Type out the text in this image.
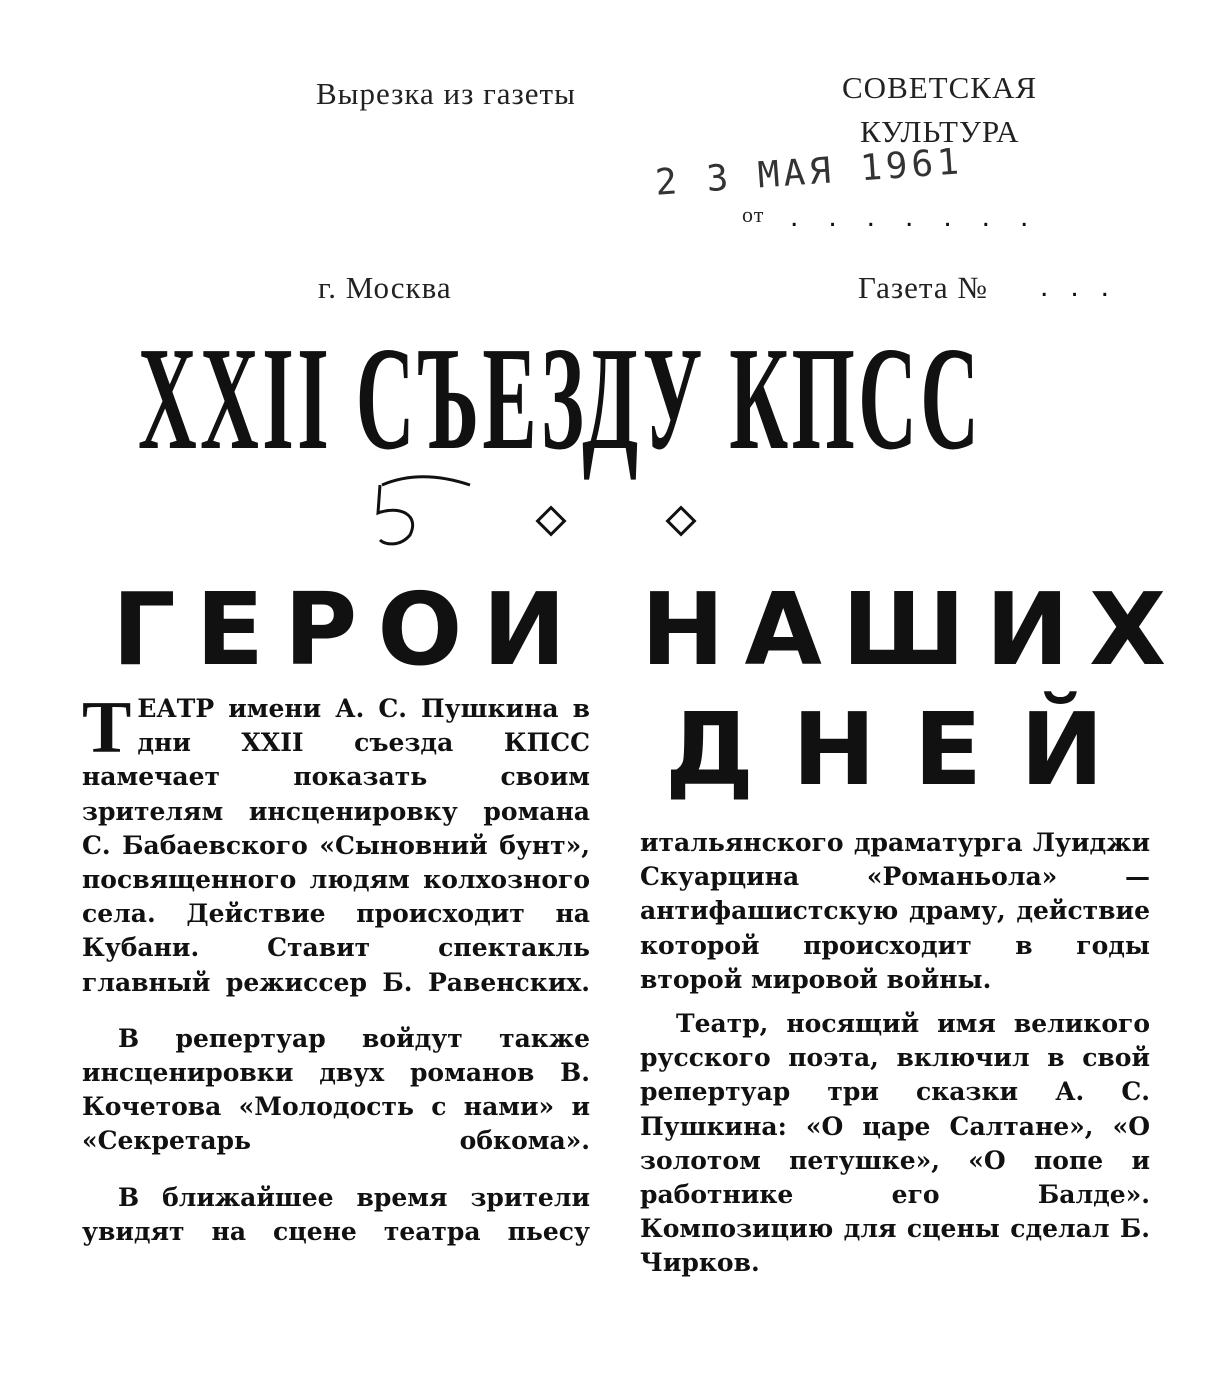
Вырезка из газеты	СОВЕТСКАЯ
КУЛЬТУРА
2 3 МАЯ 1961
от .......
г. Москва	Газета № ...
XXII СЪЕЗДУ КПСС
ГЕРОИ НАШИХ
ДНЕЙ

ТЕАТР имени А. С. Пушкина в дни XXII съезда КПСС намечает показать своим зрителям инсценировку романа С. Бабаевского «Сыновний бунт», посвященного людям колхозного села. Действие происходит на Кубани. Ставит спектакль главный режиссер Б. Равенских.

В репертуар войдут также инсценировки двух романов В. Кочетова «Молодость с нами» и «Секретарь обкома».

В ближайшее время зрители увидят на сцене театра пьесу

итальянского драматурга Луиджи Скуарцина «Романьола» — антифашистскую драму, действие которой происходит в годы второй мировой войны.

Театр, носящий имя великого русского поэта, включил в свой репертуар три сказки А. С. Пушкина: «О царе Салтане», «О золотом петушке», «О попе и работнике его Балде». Композицию для сцены сделал Б. Чирков.
